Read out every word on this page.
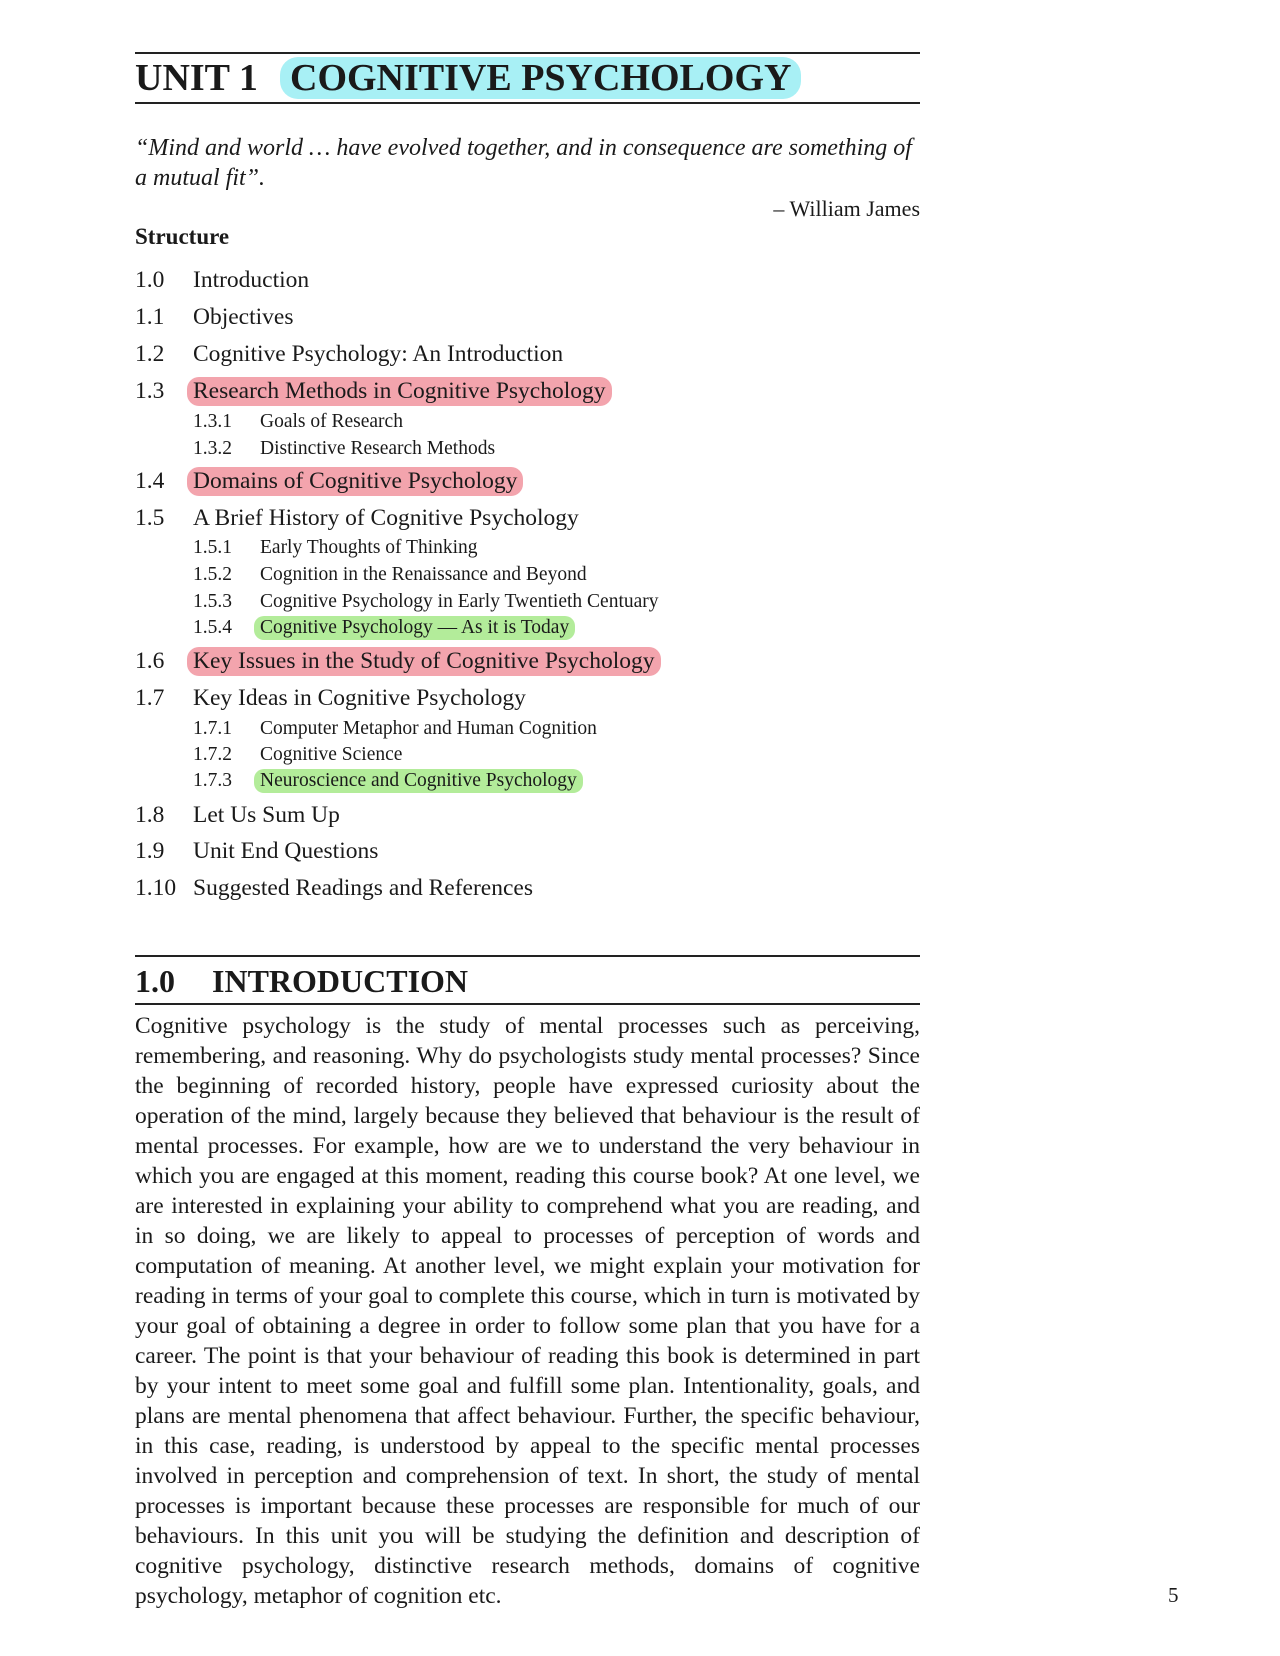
UNIT 1 COGNITIVE PSYCHOLOGY
“Mind and world … have evolved together, and in consequence are something of a mutual fit”.
– William James
Structure
1.0 Introduction
1.1 Objectives
1.2 Cognitive Psychology: An Introduction
1.3 Research Methods in Cognitive Psychology
1.3.1 Goals of Research
1.3.2 Distinctive Research Methods
1.4 Domains of Cognitive Psychology
1.5 A Brief History of Cognitive Psychology
1.5.1 Early Thoughts of Thinking
1.5.2 Cognition in the Renaissance and Beyond
1.5.3 Cognitive Psychology in Early Twentieth Centuary
1.5.4 Cognitive Psychology — As it is Today
1.6 Key Issues in the Study of Cognitive Psychology
1.7 Key Ideas in Cognitive Psychology
1.7.1 Computer Metaphor and Human Cognition
1.7.2 Cognitive Science
1.7.3 Neuroscience and Cognitive Psychology
1.8 Let Us Sum Up
1.9 Unit End Questions
1.10 Suggested Readings and References
1.0 INTRODUCTION
Cognitive psychology is the study of mental processes such as perceiving, remembering, and reasoning. Why do psychologists study mental processes? Since the beginning of recorded history, people have expressed curiosity about the operation of the mind, largely because they believed that behaviour is the result of mental processes. For example, how are we to understand the very behaviour in which you are engaged at this moment, reading this course book? At one level, we are interested in explaining your ability to comprehend what you are reading, and in so doing, we are likely to appeal to processes of perception of words and computation of meaning. At another level, we might explain your motivation for reading in terms of your goal to complete this course, which in turn is motivated by your goal of obtaining a degree in order to follow some plan that you have for a career. The point is that your behaviour of reading this book is determined in part by your intent to meet some goal and fulfill some plan. Intentionality, goals, and plans are mental phenomena that affect behaviour. Further, the specific behaviour, in this case, reading, is understood by appeal to the specific mental processes involved in perception and comprehension of text. In short, the study of mental processes is important because these processes are responsible for much of our behaviours. In this unit you will be studying the definition and description of cognitive psychology, distinctive research methods, domains of cognitive psychology, metaphor of cognition etc.	5
